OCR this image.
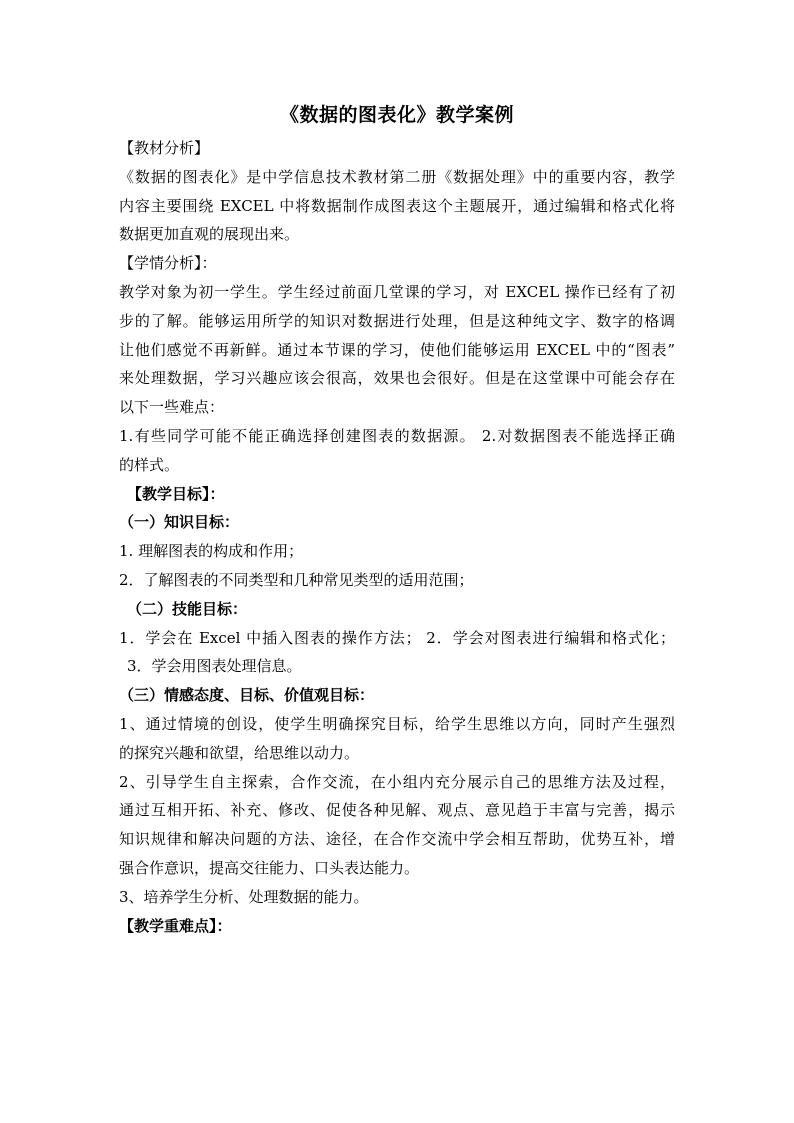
《数据的图表化》教学案例
【教材分析】
《数据的图表化》是中学信息技术教材第二册《数据处理》中的重要内容，教学
内容主要围绕 EXCEL 中将数据制作成图表这个主题展开，通过编辑和格式化将
数据更加直观的展现出来。
【学情分析】：
教学对象为初一学生。学生经过前面几堂课的学习，对 EXCEL 操作已经有了初
步的了解。能够运用所学的知识对数据进行处理，但是这种纯文字、数字的格调
让他们感觉不再新鲜。通过本节课的学习，使他们能够运用 EXCEL 中的“图表”
来处理数据，学习兴趣应该会很高，效果也会很好。但是在这堂课中可能会存在
以下一些难点：
1.有些同学可能不能正确选择创建图表的数据源。 2.对数据图表不能选择正确
的样式。
【教学目标】：
（一）知识目标：
1. 理解图表的构成和作用；
2．了解图表的不同类型和几种常见类型的适用范围；
（二）技能目标：
1．学会在 Excel 中插入图表的操作方法； 2．学会对图表进行编辑和格式化；
3．学会用图表处理信息。
（三）情感态度、目标、价值观目标：
1、通过情境的创设，使学生明确探究目标，给学生思维以方向，同时产生强烈
的探究兴趣和欲望，给思维以动力。
2、引导学生自主探索，合作交流，在小组内充分展示自己的思维方法及过程，
通过互相开拓、补充、修改、促使各种见解、观点、意见趋于丰富与完善，揭示
知识规律和解决问题的方法、途径，在合作交流中学会相互帮助，优势互补，增
强合作意识，提高交往能力、口头表达能力。
3、培养学生分析、处理数据的能力。
【教学重难点】：
